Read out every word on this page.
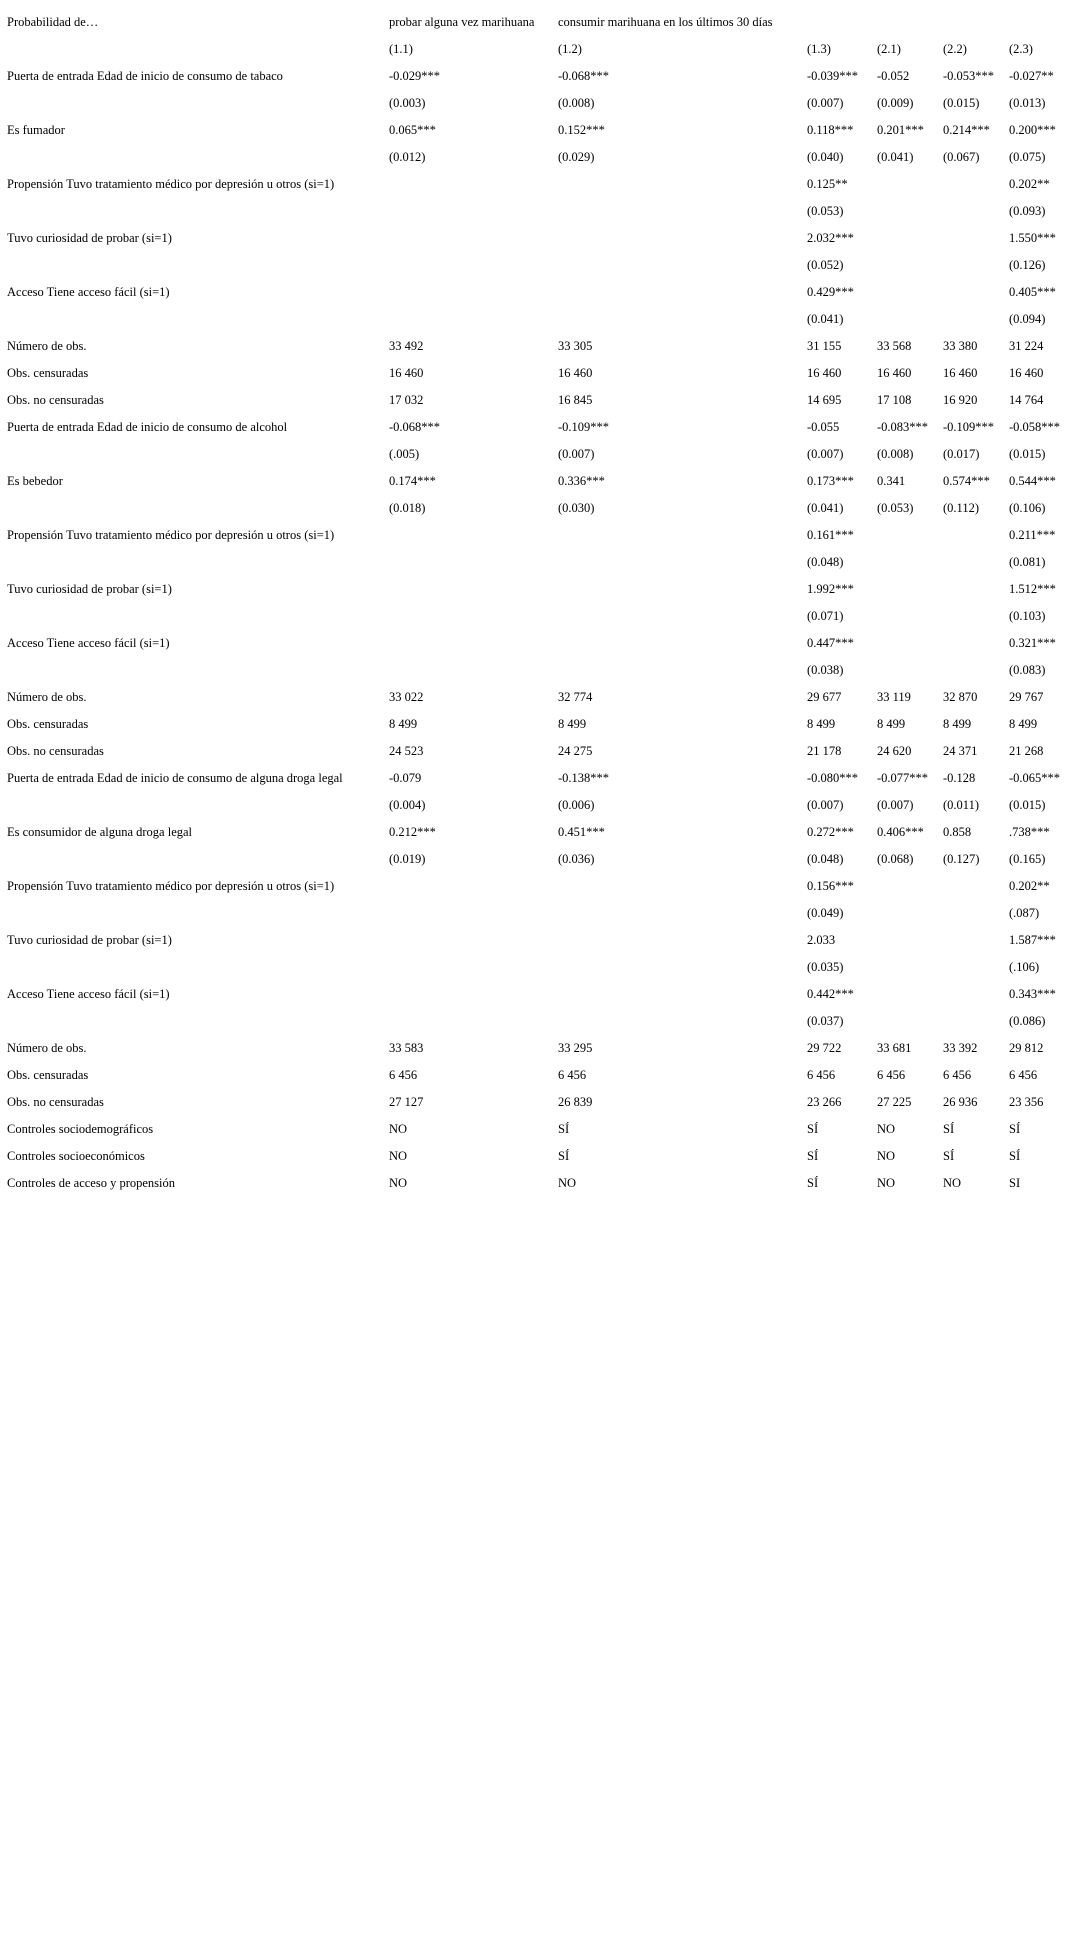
Probabilidad de…	probar alguna vez marihuana	consumir marihuana en los últimos 30 días				
	(1.1)	(1.2)	(1.3)	(2.1)	(2.2)	(2.3)
Puerta de entrada Edad de inicio de consumo de tabaco	-0.029***	-0.068***	-0.039***	-0.052	-0.053***	-0.027**
	(0.003)	(0.008)	(0.007)	(0.009)	(0.015)	(0.013)
Es fumador	0.065***	0.152***	0.118***	0.201***	0.214***	0.200***
	(0.012)	(0.029)	(0.040)	(0.041)	(0.067)	(0.075)
Propensión Tuvo tratamiento médico por depresión u otros (si=1)			0.125**			0.202**
			(0.053)			(0.093)
Tuvo curiosidad de probar (si=1)			2.032***			1.550***
			(0.052)			(0.126)
Acceso Tiene acceso fácil (si=1)			0.429***			0.405***
			(0.041)			(0.094)
Número de obs.	33 492	33 305	31 155	33 568	33 380	31 224
Obs. censuradas	16 460	16 460	16 460	16 460	16 460	16 460
Obs. no censuradas	17 032	16 845	14 695	17 108	16 920	14 764
Puerta de entrada Edad de inicio de consumo de alcohol	-0.068***	-0.109***	-0.055	-0.083***	-0.109***	-0.058***
	(.005)	(0.007)	(0.007)	(0.008)	(0.017)	(0.015)
Es bebedor	0.174***	0.336***	0.173***	0.341	0.574***	0.544***
	(0.018)	(0.030)	(0.041)	(0.053)	(0.112)	(0.106)
Propensión Tuvo tratamiento médico por depresión u otros (si=1)			0.161***			0.211***
			(0.048)			(0.081)
Tuvo curiosidad de probar (si=1)			1.992***			1.512***
			(0.071)			(0.103)
Acceso Tiene acceso fácil (si=1)			0.447***			0.321***
			(0.038)			(0.083)
Número de obs.	33 022	32 774	29 677	33 119	32 870	29 767
Obs. censuradas	8 499	8 499	8 499	8 499	8 499	8 499
Obs. no censuradas	24 523	24 275	21 178	24 620	24 371	21 268
Puerta de entrada Edad de inicio de consumo de alguna droga legal	-0.079	-0.138***	-0.080***	-0.077***	-0.128	-0.065***
	(0.004)	(0.006)	(0.007)	(0.007)	(0.011)	(0.015)
Es consumidor de alguna droga legal	0.212***	0.451***	0.272***	0.406***	0.858	.738***
	(0.019)	(0.036)	(0.048)	(0.068)	(0.127)	(0.165)
Propensión Tuvo tratamiento médico por depresión u otros (si=1)			0.156***			0.202**
			(0.049)			(.087)
Tuvo curiosidad de probar (si=1)			2.033			1.587***
			(0.035)			(.106)
Acceso Tiene acceso fácil (si=1)			0.442***			0.343***
			(0.037)			(0.086)
Número de obs.	33 583	33 295	29 722	33 681	33 392	29 812
Obs. censuradas	6 456	6 456	6 456	6 456	6 456	6 456
Obs. no censuradas	27 127	26 839	23 266	27 225	26 936	23 356
Controles sociodemográficos	NO	SÍ	SÍ	NO	SÍ	SÍ
Controles socioeconómicos	NO	SÍ	SÍ	NO	SÍ	SÍ
Controles de acceso y propensión	NO	NO	SÍ	NO	NO	SI
